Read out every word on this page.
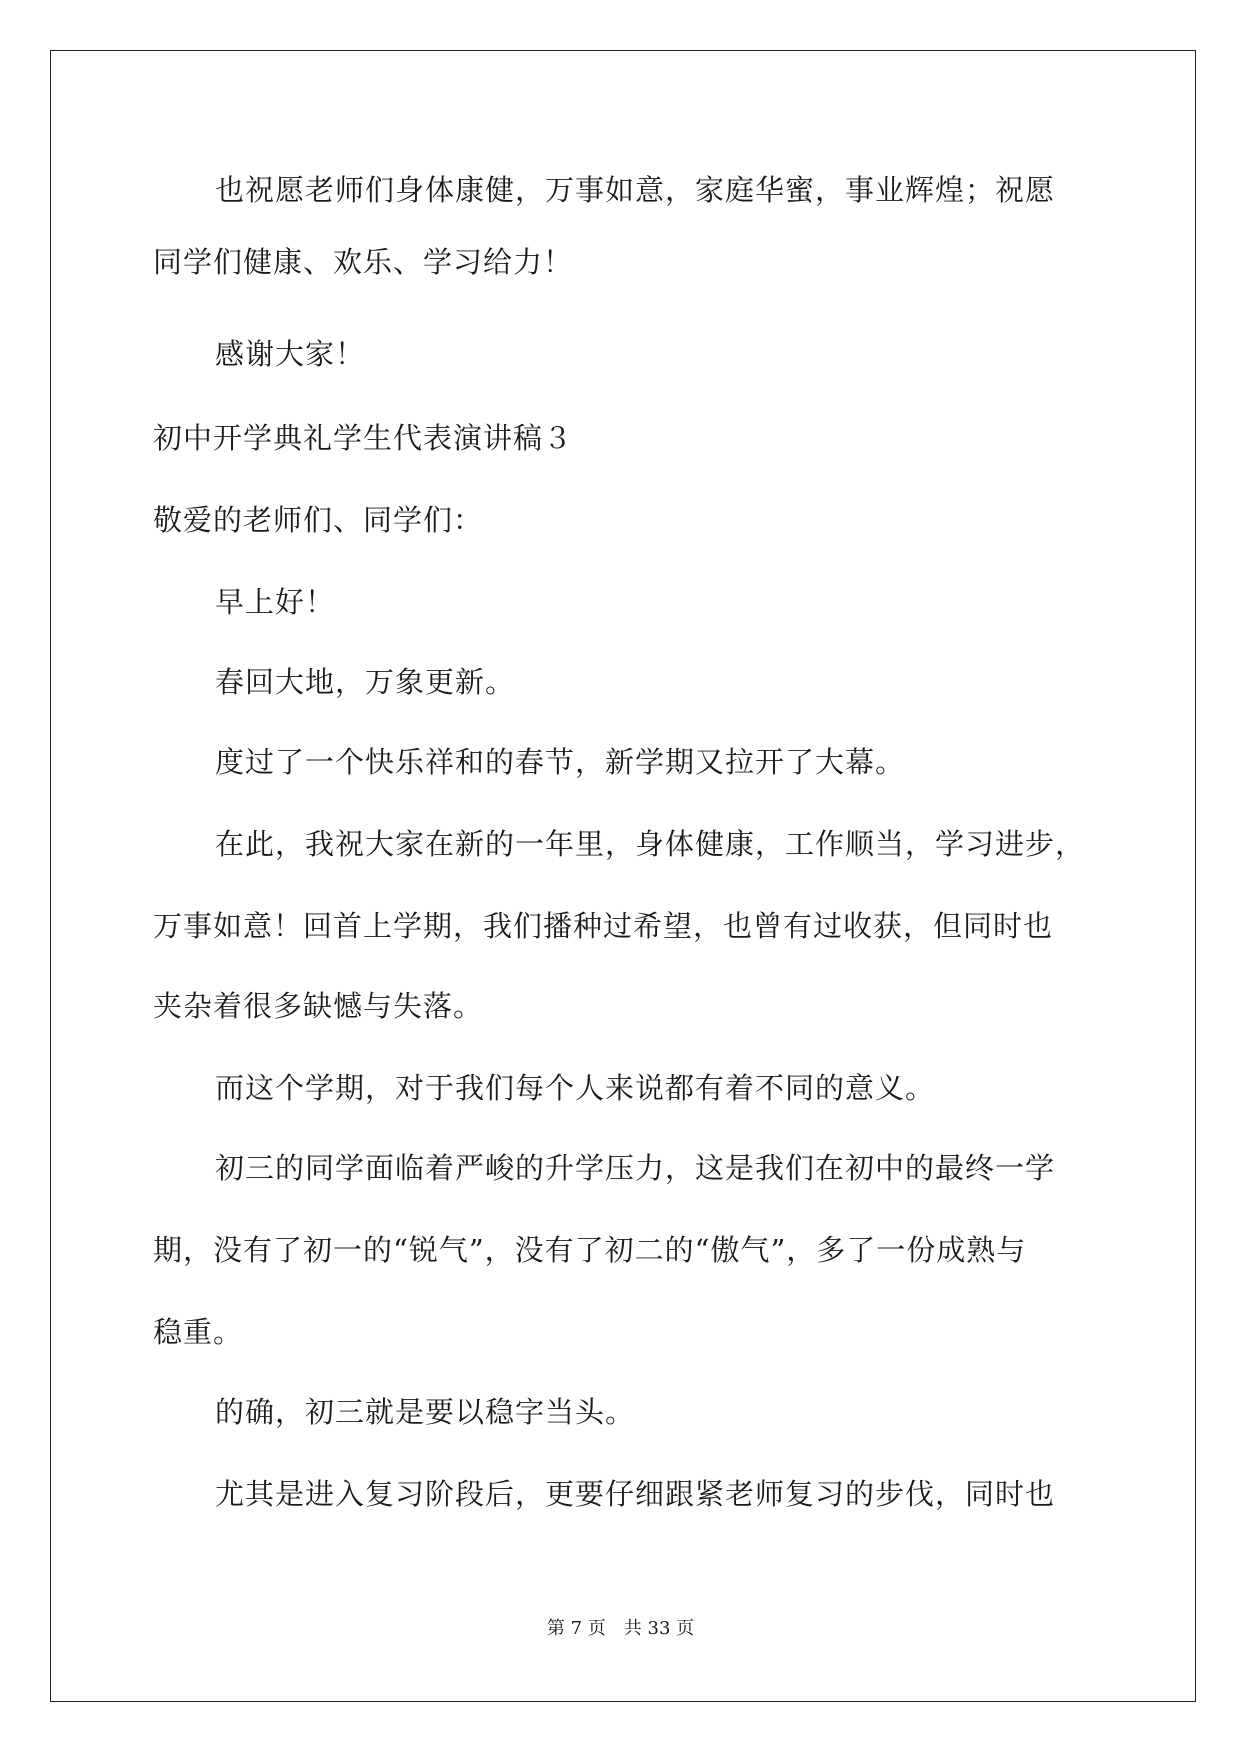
也祝愿老师们身体康健，万事如意，家庭华蜜，事业辉煌；祝愿
同学们健康、欢乐、学习给力！
感谢大家！
初中开学典礼学生代表演讲稿３
敬爱的老师们、同学们：
早上好！
春回大地，万象更新。
度过了一个快乐祥和的春节，新学期又拉开了大幕。
在此，我祝大家在新的一年里，身体健康，工作顺当，学习进步，
万事如意！回首上学期，我们播种过希望，也曾有过收获，但同时也
夹杂着很多缺憾与失落。
而这个学期，对于我们每个人来说都有着不同的意义。
初三的同学面临着严峻的升学压力，这是我们在初中的最终一学
期，没有了初一的“锐气”，没有了初二的“傲气”，多了一份成熟与
稳重。
的确，初三就是要以稳字当头。
尤其是进入复习阶段后，更要仔细跟紧老师复习的步伐，同时也
第 7 页　共 33 页
